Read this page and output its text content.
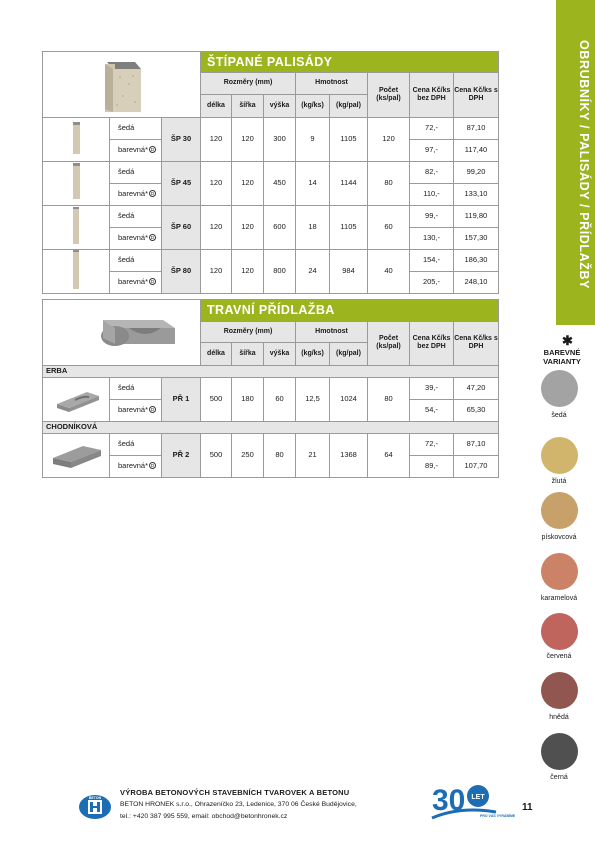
OBRUBNÍKY / PALISÁDY / PŘÍDLAŽBY
	ŠTÍPANÉ PALISÁDY							
			Rozměry (mm)			Hmotnost		Počet (ks/pal)	Cena Kč/ks bez DPH	Cena Kč/ks s DPH
			délka	šířka	výška	(kg/ks)	(kg/pal)			
	šedá	ŠP 30	120	120	300	9	1105	120	72,-	87,10
	barevná* D								97,-	117,40
	šedá	ŠP 45	120	120	450	14	1144	80	82,-	99,20
	barevná* D								110,-	133,10
	šedá	ŠP 60	120	120	600	18	1105	60	99,-	119,80
	barevná* D								130,-	157,30
	šedá	ŠP 80	120	120	800	24	984	40	154,-	186,30
	barevná* D								205,-	248,10
	TRAVNÍ PŘÍDLAŽBA							
			Rozměry (mm)			Hmotnost		Počet (ks/pal)	Cena Kč/ks bez DPH	Cena Kč/ks s DPH
			délka	šířka	výška	(kg/ks)	(kg/pal)			
ERBA										
	šedá	PŘ 1	500	180	60	12,5	1024	80	39,-	47,20
	barevná* D								54,-	65,30
CHODNÍKOVÁ										
	šedá	PŘ 2	500	250	80	21	1368	64	72,-	87,10
	barevná* D								89,-	107,70
✱
BAREVNÉ VARIANTY
šedá
žlutá
pískovcová
karamelová
červená
hnědá
černá
BETON
VÝROBA BETONOVÝCH STAVEBNÍCH TVAROVEK A BETONU
BETON HRONEK s.r.o., Ohrazeníčko 23, Ledenice, 370 06 České Budějovice,
tel.: +420 387 995 559, email: obchod@betonhronek.cz	30 LET
PRO VÁS VYRÁBÍME
11
